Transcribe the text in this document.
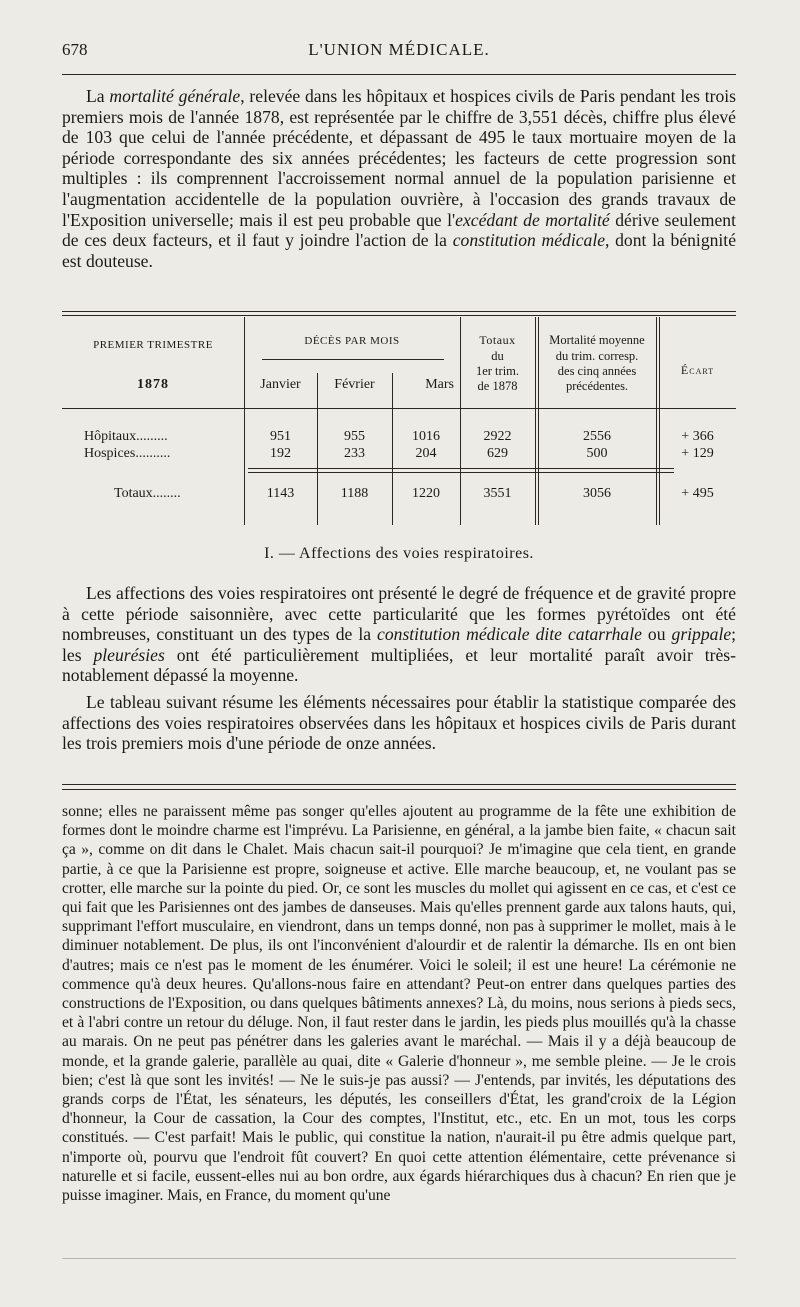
678	L'UNION MÉDICALE.

La mortalité générale, relevée dans les hôpitaux et hospices civils de Paris pendant les trois premiers mois de l'année 1878, est représentée par le chiffre de 3,551 décès, chiffre plus élevé de 103 que celui de l'année précédente, et dépassant de 495 le taux mortuaire moyen de la période correspondante des six années précédentes; les facteurs de cette progression sont multiples : ils comprennent l'accroissement normal annuel de la population parisienne et l'augmentation accidentelle de la population ouvrière, à l'occasion des grands travaux de l'Exposition universelle; mais il est peu probable que l'excédant de mortalité dérive seulement de ces deux facteurs, et il faut y joindre l'action de la constitution médicale, dont la bénignité est douteuse.

PREMIER TRIMESTRE
1878
DÉCÈS PAR MOIS
Janvier	Février	Mars
Totaux
du
1er trim.
de 1878
Mortalité moyenne
du trim. corresp.
des cinq années
précédentes.
Écart
Hôpitaux.........	951	955	1016	2922	2556	+ 366
Hospices..........	192	233	204	629	500	+ 129
Totaux........	1143	1188	1220	3551	3056	+ 495
I. — Affections des voies respiratoires.

Les affections des voies respiratoires ont présenté le degré de fréquence et de gravité propre à cette période saisonnière, avec cette particularité que les formes pyrétoïdes ont été nombreuses, constituant un des types de la constitution médicale dite catarrhale ou grippale; les pleurésies ont été particulièrement multipliées, et leur mortalité paraît avoir très-notablement dépassé la moyenne.

Le tableau suivant résume les éléments nécessaires pour établir la statistique comparée des affections des voies respiratoires observées dans les hôpitaux et hospices civils de Paris durant les trois premiers mois d'une période de onze années.

sonne; elles ne paraissent même pas songer qu'elles ajoutent au programme de la fête une exhibition de formes dont le moindre charme est l'imprévu. La Parisienne, en général, a la jambe bien faite, « chacun sait ça », comme on dit dans le Chalet. Mais chacun sait-il pourquoi? Je m'imagine que cela tient, en grande partie, à ce que la Parisienne est propre, soigneuse et active. Elle marche beaucoup, et, ne voulant pas se crotter, elle marche sur la pointe du pied. Or, ce sont les muscles du mollet qui agissent en ce cas, et c'est ce qui fait que les Parisiennes ont des jambes de danseuses. Mais qu'elles prennent garde aux talons hauts, qui, supprimant l'effort musculaire, en viendront, dans un temps donné, non pas à supprimer le mollet, mais à le diminuer notablement. De plus, ils ont l'inconvénient d'alourdir et de ralentir la démarche. Ils en ont bien d'autres; mais ce n'est pas le moment de les énumérer. Voici le soleil; il est une heure! La cérémonie ne commence qu'à deux heures. Qu'allons-nous faire en attendant? Peut-on entrer dans quelques parties des constructions de l'Exposition, ou dans quelques bâtiments annexes? Là, du moins, nous serions à pieds secs, et à l'abri contre un retour du déluge. Non, il faut rester dans le jardin, les pieds plus mouillés qu'à la chasse au marais. On ne peut pas pénétrer dans les galeries avant le maréchal. — Mais il y a déjà beaucoup de monde, et la grande galerie, parallèle au quai, dite « Galerie d'honneur », me semble pleine. — Je le crois bien; c'est là que sont les invités! — Ne le suis-je pas aussi? — J'entends, par invités, les députations des grands corps de l'État, les sénateurs, les députés, les conseillers d'État, les grand'croix de la Légion d'honneur, la Cour de cassation, la Cour des comptes, l'Institut, etc., etc. En un mot, tous les corps constitués. — C'est parfait! Mais le public, qui constitue la nation, n'aurait-il pu être admis quelque part, n'importe où, pourvu que l'endroit fût couvert? En quoi cette attention élémentaire, cette prévenance si naturelle et si facile, eussent-elles nui au bon ordre, aux égards hiérarchiques dus à chacun? En rien que je puisse imaginer. Mais, en France, du moment qu'une
